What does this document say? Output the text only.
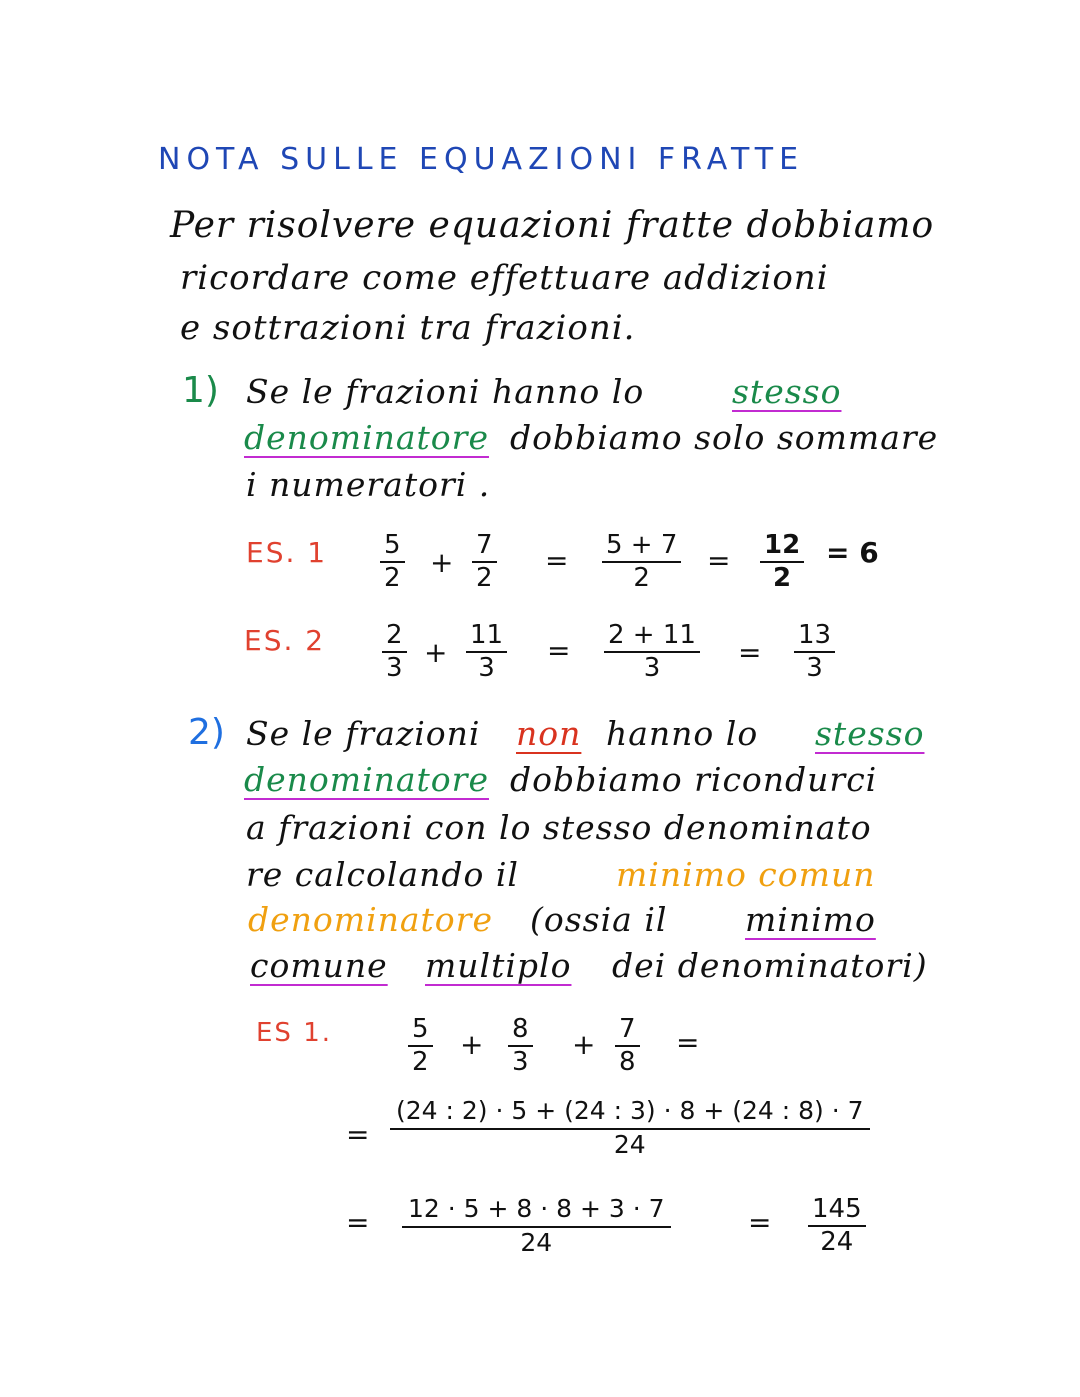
NOTA SULLE EQUAZIONI FRATTE
Per risolvere equazioni fratte dobbiamo
ricordare come effettuare addizioni
e sottrazioni tra frazioni.
1) Se le frazioni hanno lo	stesso
denominatore dobbiamo solo sommare
i numeratori .
ES. $1 \frac{5}{2} + \frac{7}{2} = \frac{5 + 7}{2} = \frac{12}{2} = 6$
ES. $2 \frac{2}{3} + \frac{11}{3} = \frac{2 + 11}{3} = \frac{13}{3}$
2) Se le frazioni non hanno lo stesso
denominatore dobbiamo ricondurci
a frazioni con lo stesso denominato
re calcolando il	minimo comun
denominatore (ossia il minimo
comune multiplo dei denominatori)
ES 1.	$\frac{5}{2} + \frac{8}{3} + \frac{7}{8}$ =
= $\frac{(24 : 2) \cdot 5 + (24 : 3) \cdot 8 + (24 : 8) \cdot 7}{24}$
= $\frac{12 \cdot 5 + 8 \cdot 8 + 3 \cdot 7}{24}$	= $\frac{145}{24}$
